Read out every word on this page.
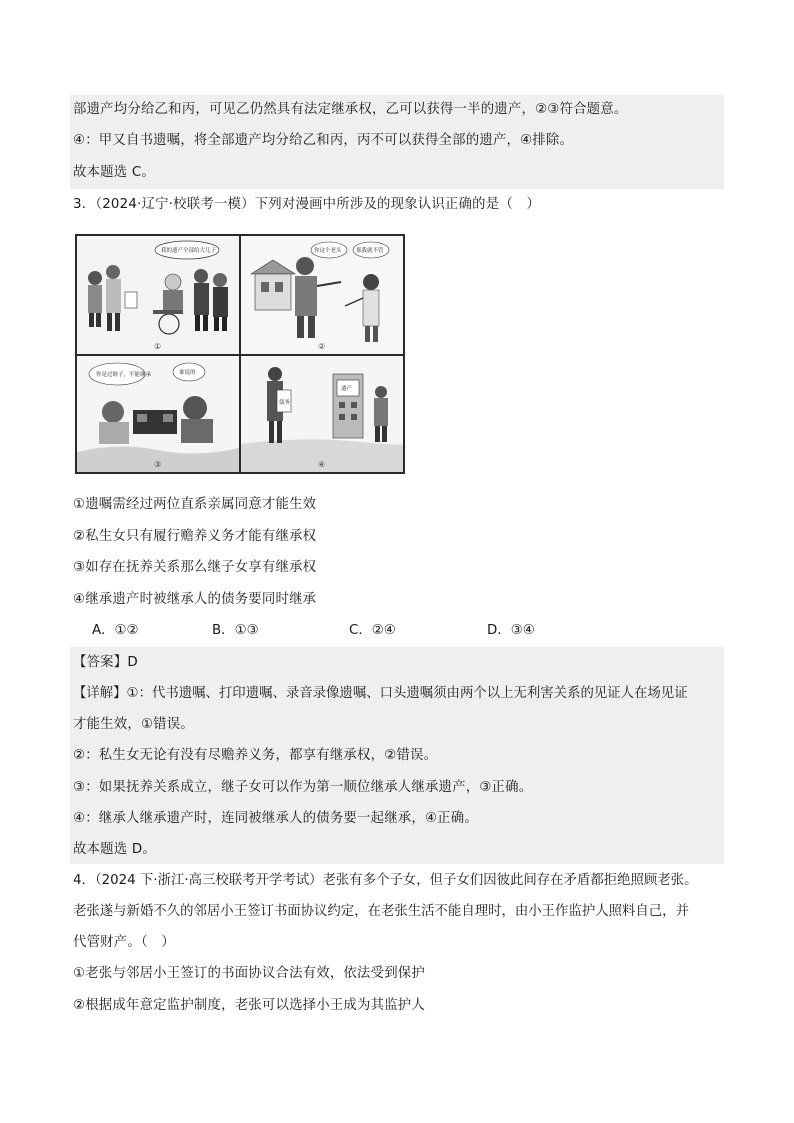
部遗产均分给乙和丙，可见乙仍然具有法定继承权，乙可以获得一半的遗产，②③符合题意。
④：甲又自书遗嘱，将全部遗产均分给乙和丙，丙不可以获得全部的遗产，④排除。
故本题选 C。
3．（2024·辽宁·校联考一模）下列对漫画中所涉及的现象认识正确的是（　）
我的遗产全部给大儿子
①
你这个老头	那我就不管
②
你是过继子，不能继承	谁说的
③
债务
遗产
④
①遗嘱需经过两位直系亲属同意才能生效
②私生女只有履行赡养义务才能有继承权
③如存在抚养关系那么继子女享有继承权
④继承遗产时被继承人的债务要同时继承
A．①②	B．①③	C．②④	D．③④
【答案】D
【详解】①：代书遗嘱、打印遗嘱、录音录像遗嘱、口头遗嘱须由两个以上无利害关系的见证人在场见证
才能生效，①错误。
②：私生女无论有没有尽赡养义务，都享有继承权，②错误。
③：如果抚养关系成立，继子女可以作为第一顺位继承人继承遗产，③正确。
④：继承人继承遗产时，连同被继承人的债务要一起继承，④正确。
故本题选 D。
4．（2024 下·浙江·高三校联考开学考试）老张有多个子女，但子女们因彼此间存在矛盾都拒绝照顾老张。
老张遂与新婚不久的邻居小王签订书面协议约定，在老张生活不能自理时，由小王作监护人照料自己，并
代管财产。（　）
①老张与邻居小王签订的书面协议合法有效，依法受到保护
②根据成年意定监护制度，老张可以选择小王成为其监护人
